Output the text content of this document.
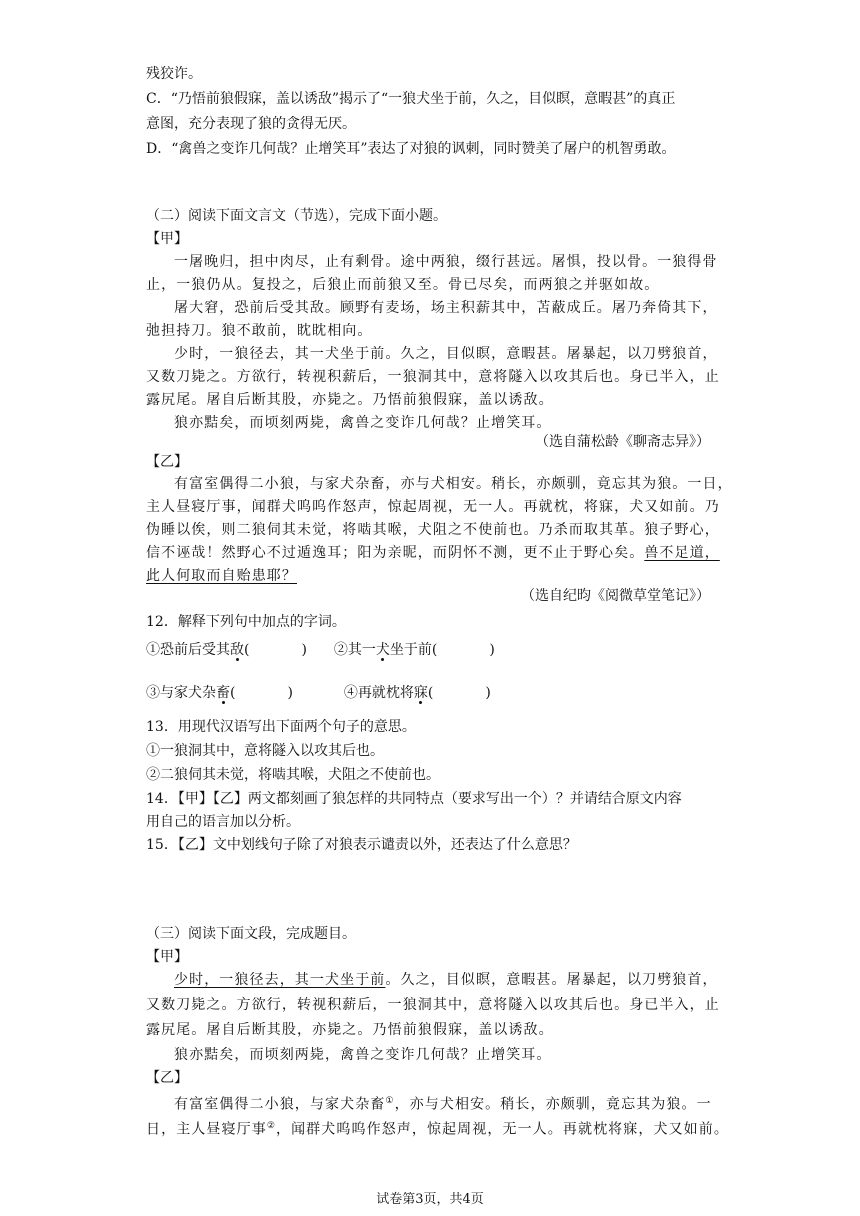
残狡诈。
C．“乃悟前狼假寐，盖以诱敌”揭示了“一狼犬坐于前，久之，目似瞑，意暇甚”的真正
意图，充分表现了狼的贪得无厌。
D．“禽兽之变诈几何哉？止增笑耳”表达了对狼的讽刺，同时赞美了屠户的机智勇敢。
（二）阅读下面文言文（节选），完成下面小题。
【甲】
一屠晚归，担中肉尽，止有剩骨。途中两狼，缀行甚远。屠惧，投以骨。一狼得骨
止，一狼仍从。复投之，后狼止而前狼又至。骨已尽矣，而两狼之并驱如故。
屠大窘，恐前后受其敌。顾野有麦场，场主积薪其中，苫蔽成丘。屠乃奔倚其下，
弛担持刀。狼不敢前，眈眈相向。
少时，一狼径去，其一犬坐于前。久之，目似瞑，意暇甚。屠暴起，以刀劈狼首，
又数刀毙之。方欲行，转视积薪后，一狼洞其中，意将隧入以攻其后也。身已半入，止
露尻尾。屠自后断其股，亦毙之。乃悟前狼假寐，盖以诱敌。
狼亦黠矣，而顷刻两毙，禽兽之变诈几何哉？止增笑耳。
（选自蒲松龄《聊斋志异》）
【乙】
有富室偶得二小狼，与家犬杂畜，亦与犬相安。稍长，亦颇驯，竟忘其为狼。一日，
主人昼寝厅事，闻群犬呜呜作怒声，惊起周视，无一人。再就枕，将寐，犬又如前。乃
伪睡以俟，则二狼伺其未觉，将啮其喉，犬阻之不使前也。乃杀而取其革。狼子野心，
信不诬哉！然野心不过遁逸耳；阳为亲昵，而阴怀不测，更不止于野心矣。兽不足道，
此人何取而自贻患耶？
（选自纪昀《阅微草堂笔记》）
12．解释下列句中加点的字词。
①恐前后受其敌(	) ②其一犬坐于前(	)
③与家犬杂畜(	)	④再就枕将寐(	)
13．用现代汉语写出下面两个句子的意思。
①一狼洞其中，意将隧入以攻其后也。
②二狼伺其未觉，将啮其喉，犬阻之不使前也。
14．【甲】【乙】两文都刻画了狼怎样的共同特点（要求写出一个）？并请结合原文内容
用自己的语言加以分析。
15．【乙】文中划线句子除了对狼表示谴责以外，还表达了什么意思？
（三）阅读下面文段，完成题目。
【甲】
少时，一狼径去，其一犬坐于前。久之，目似瞑，意暇甚。屠暴起，以刀劈狼首，
又数刀毙之。方欲行，转视积薪后，一狼洞其中，意将隧入以攻其后也。身已半入，止
露尻尾。屠自后断其股，亦毙之。乃悟前狼假寐，盖以诱敌。
狼亦黠矣，而顷刻两毙，禽兽之变诈几何哉？止增笑耳。
【乙】
有富室偶得二小狼，与家犬杂畜①，亦与犬相安。稍长，亦颇驯，竟忘其为狼。一
日，主人昼寝厅事②，闻群犬呜呜作怒声，惊起周视，无一人。再就枕将寐，犬又如前。
试卷第3页，共4页
